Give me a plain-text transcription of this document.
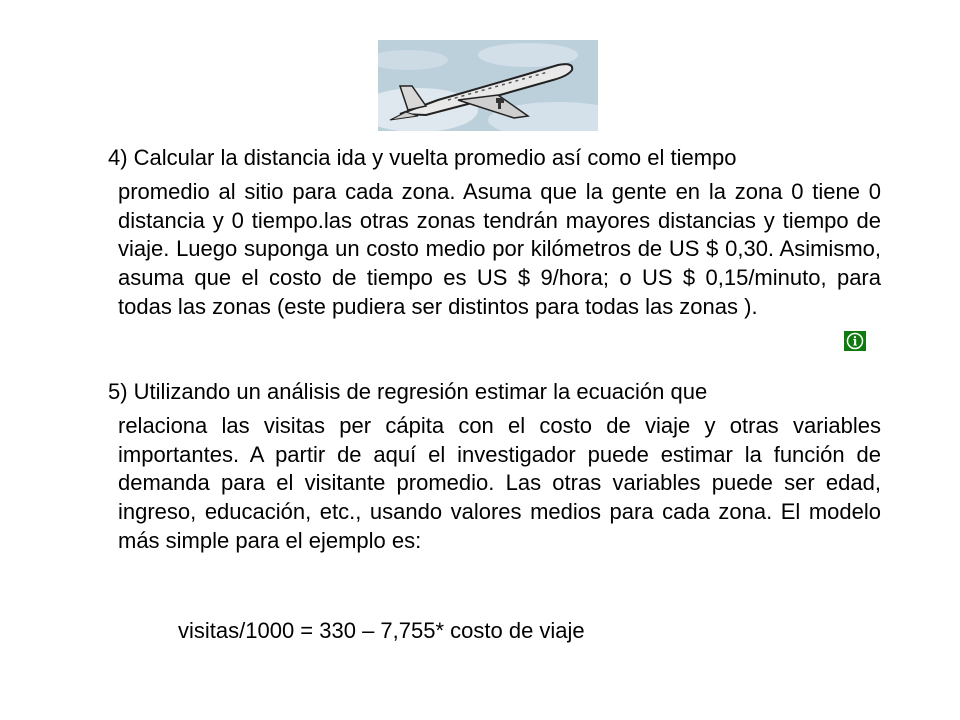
4) Calcular la distancia ida y vuelta promedio así como el tiempo
promedio al sitio para cada zona. Asuma que la gente en la zona 0 tiene 0 distancia y 0 tiempo.las otras zonas tendrán mayores distancias y tiempo de viaje. Luego suponga un costo medio por kilómetros de US $ 0,30. Asimismo, asuma que el costo de tiempo es US $ 9/hora; o US $ 0,15/minuto, para todas las zonas (este pudiera ser distintos para todas las zonas ).
i
5) Utilizando un análisis de regresión estimar la ecuación que
relaciona las visitas per cápita con el costo de viaje y otras variables importantes. A partir de aquí el investigador puede estimar la función de demanda para el visitante promedio. Las otras variables puede ser edad, ingreso, educación, etc., usando valores medios para cada zona. El modelo más simple para el ejemplo es:
visitas/1000 = 330 – 7,755* costo de viaje
